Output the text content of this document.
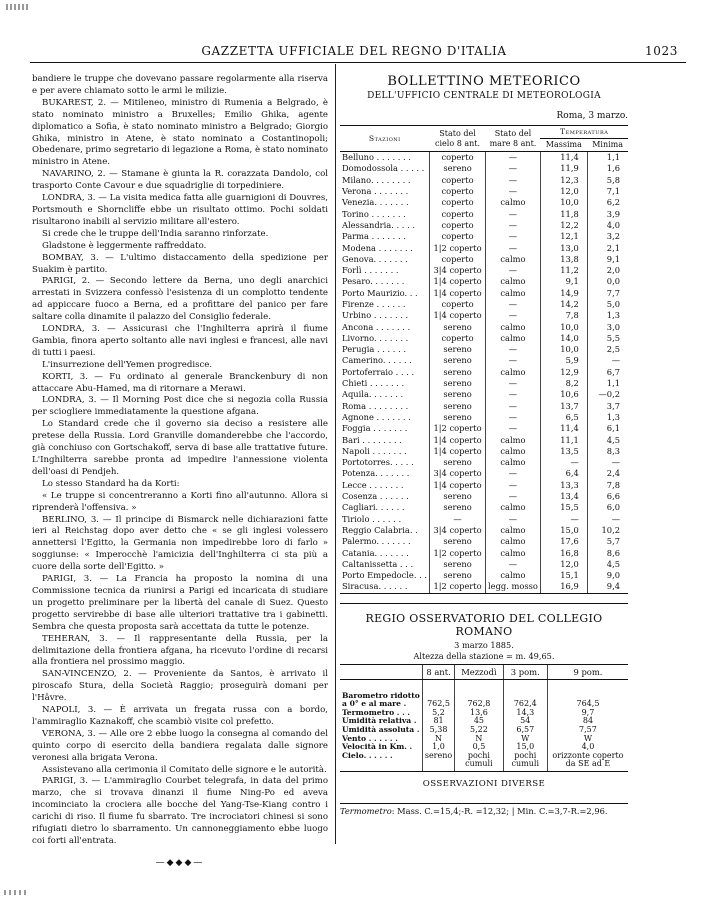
GAZZETTA UFFICIALE DEL REGNO D'ITALIA	1023

bandiere le truppe che dovevano passare regolarmente alla riserva e per avere chiamato sotto le armi le milizie.

BUKAREST, 2. — Mitileneo, ministro di Rumenia a Belgrado, è stato nominato ministro a Bruxelles; Emilio Ghika, agente diplomatico a Sofia, è stato nominato ministro a Belgrado; Giorgio Ghika, ministro in Atene, è stato nominato a Costantinopoli; Obedenare, primo segretario di legazione a Roma, è stato nominato ministro in Atene.

NAVARINO, 2. — Stamane è giunta la R. corazzata Dandolo, col trasporto Conte Cavour e due squadriglie di torpediniere.

LONDRA, 3. — La visita medica fatta alle guarnigioni di Douvres, Portsmouth e Shorncliffe ebbe un risultato ottimo. Pochi soldati risultarono inabili al servizio militare all'estero.

Si crede che le truppe dell'India saranno rinforzate.

Gladstone è leggermente raffreddato.

BOMBAY, 3. — L'ultimo distaccamento della spedizione per Suakim è partito.

PARIGI, 2. — Secondo lettere da Berna, uno degli anarchici arrestati in Svizzera confessò l'esistenza di un complotto tendente ad appiccare fuoco a Berna, ed a profittare del panico per fare saltare colla dinamite il palazzo del Consiglio federale.

LONDRA, 3. — Assicurasi che l'Inghilterra aprirà il fiume Gambia, finora aperto soltanto alle navi inglesi e francesi, alle navi di tutti i paesi.

L'insurrezione dell'Yemen progredisce.

KORTI, 3. — Fu ordinato al generale Branckenbury di non attaccare Abu-Hamed, ma di ritornare a Merawi.

LONDRA, 3. — Il Morning Post dice che si negozia colla Russia per sciogliere immediatamente la questione afgana.

Lo Standard crede che il governo sia deciso a resistere alle pretese della Russia. Lord Granville domanderebbe che l'accordo, già conchiuso con Gortschakoff, serva di base alle trattative future. L'Inghilterra sarebbe pronta ad impedire l'annessione violenta dell'oasi di Pendjeh.

Lo stesso Standard ha da Korti:

« Le truppe si concentreranno a Korti fino all'autunno. Allora si riprenderà l'offensiva. »

BERLINO, 3. — Il principe di Bismarck nelle dichiarazioni fatte ieri al Reichstag dopo aver detto che « se gli inglesi volessero annettersi l'Egitto, la Germania non impedirebbe loro di farlo » soggiunse: « Imperocchè l'amicizia dell'Inghilterra ci sta più a cuore della sorte dell'Egitto. »

PARIGI, 3. — La Francia ha proposto la nomina di una Commissione tecnica da riunirsi a Parigi ed incaricata di studiare un progetto preliminare per la libertà del canale di Suez. Questo progetto servirebbe di base alle ulteriori trattative tra i gabinetti. Sembra che questa proposta sarà accettata da tutte le potenze.

TEHERAN, 3. — Il rappresentante della Russia, per la delimitazione della frontiera afgana, ha ricevuto l'ordine di recarsi alla frontiera nel prossimo maggio.

SAN-VINCENZO, 2. — Proveniente da Santos, è arrivato il piroscafo Stura, della Società Raggio; proseguirà domani per l'Hâvre.

NAPOLI, 3. — È arrivata un fregata russa con a bordo, l'ammiraglio Kaznakoff, che scambiò visite col prefetto.

VERONA, 3. — Alle ore 2 ebbe luogo la consegna al comando del quinto corpo di esercito della bandiera regalata dalle signore veronesi alla brigata Verona.

Assistevano alla cerimonia il Comitato delle signore e le autorità.

PARIGI, 3. — L'ammiraglio Courbet telegrafa, in data del primo marzo, che si trovava dinanzi il fiume Ning-Po ed aveva incominciato la crociera alle bocche del Yang-Tse-Kiang contro i carichi di riso. Il fiume fu sbarrato. Tre incrociatori chinesi si sono rifugiati dietro lo sbarramento. Un cannoneggiamento ebbe luogo coi forti all'entrata.

—◆◆◆—
BOLLETTINO METEORICO
DELL'UFFICIO CENTRALE DI METEOROLOGIA
Roma, 3 marzo.
Stazioni	Stato del cielo 8 ant.	Stato del mare 8 ant.	Temperatura	
			Massima	Minima
Belluno . . . . . . .	coperto	—	11,4	1,1
Domodossola . . . . .	sereno	—	11,9	1,6
Milano. . . . . . . .	coperto	—	12,3	5,8
Verona . . . . . . .	coperto	—	12,0	7,1
Venezia. . . . . . .	coperto	calmo	10,0	6,2
Torino . . . . . . .	coperto	—	11,8	3,9
Alessandria. . . . .	coperto	—	12,2	4,0
Parma . . . . . . .	coperto	—	12,1	3,2
Modena . . . . . . .	1|2 coperto	—	13,0	2,1
Genova. . . . . . .	coperto	calmo	13,8	9,1
Forlì . . . . . . .	3|4 coperto	—	11,2	2,0
Pesaro. . . . . . .	1|4 coperto	calmo	9,1	0,0
Porto Maurizio. . .	1|4 coperto	calmo	14,9	7,7
Firenze . . . . . .	coperto	—	14,2	5,0
Urbino . . . . . . .	1|4 coperto	—	7,8	1,3
Ancona . . . . . . .	sereno	calmo	10,0	3,0
Livorno. . . . . . .	coperto	calmo	14,0	5,5
Perugia . . . . . .	sereno	—	10,0	2,5
Camerino. . . . . .	sereno	—	5,9	—
Portoferraio . . . .	sereno	calmo	12,9	6,7
Chieti . . . . . . .	sereno	—	8,2	1,1
Aquila. . . . . . .	sereno	—	10,6	—0,2
Roma . . . . . . . .	sereno	—	13,7	3,7
Agnone . . . . . . .	sereno	—	6,5	1,3
Foggia . . . . . . .	1|2 coperto	—	11,4	6,1
Bari . . . . . . . .	1|4 coperto	calmo	11,1	4,5
Napoli . . . . . . .	1|4 coperto	calmo	13,5	8,3
Portotorres. . . . .	sereno	calmo	—	—
Potenza. . . . . . .	3|4 coperto	—	6,4	2,4
Lecce . . . . . . .	1|4 coperto	—	13,3	7,8
Cosenza . . . . . .	sereno	—	13,4	6,6
Cagliari. . . . . .	sereno	calmo	15,5	6,0
Tiriolo . . . . . .	—	—	—	—
Reggio Calabria. .	3|4 coperto	calmo	15,0	10,2
Palermo. . . . . . .	sereno	calmo	17,6	5,7
Catania. . . . . . .	1|2 coperto	calmo	16,8	8,6
Caltanissetta . . .	sereno	—	12,0	4,5
Porto Empedocle. . .	sereno	calmo	15,1	9,0
Siracusa. . . . . .	1|2 coperto	legg. mosso	16,9	9,4
REGIO OSSERVATORIO DEL COLLEGIO ROMANO
3 marzo 1885.
Altezza della stazione = m. 49,65.
	8 ant.	Mezzodì	3 pom.	9 pom.
Barometro ridotto				
a 0° e al mare .	762,5	762,8	762,4	764,5
Termometro . . .	5,2	13,6	14,3	9,7
Umidità relativa .	81	45	54	84
Umidità assoluta .	5,38	5,22	6,57	7,57
Vento . . . . . .	N	N	W	W
Velocità in Km. .	1,0	0,5	15,0	4,0
Cielo. . . . . .	sereno	pochi cumuli	pochi cumuli	orizzonte coperto da SE ad E
OSSERVAZIONI DIVERSE
Termometro: Mass. C.=15,4;-R. =12,32; | Min. C.=3,7-R.=2,96.
